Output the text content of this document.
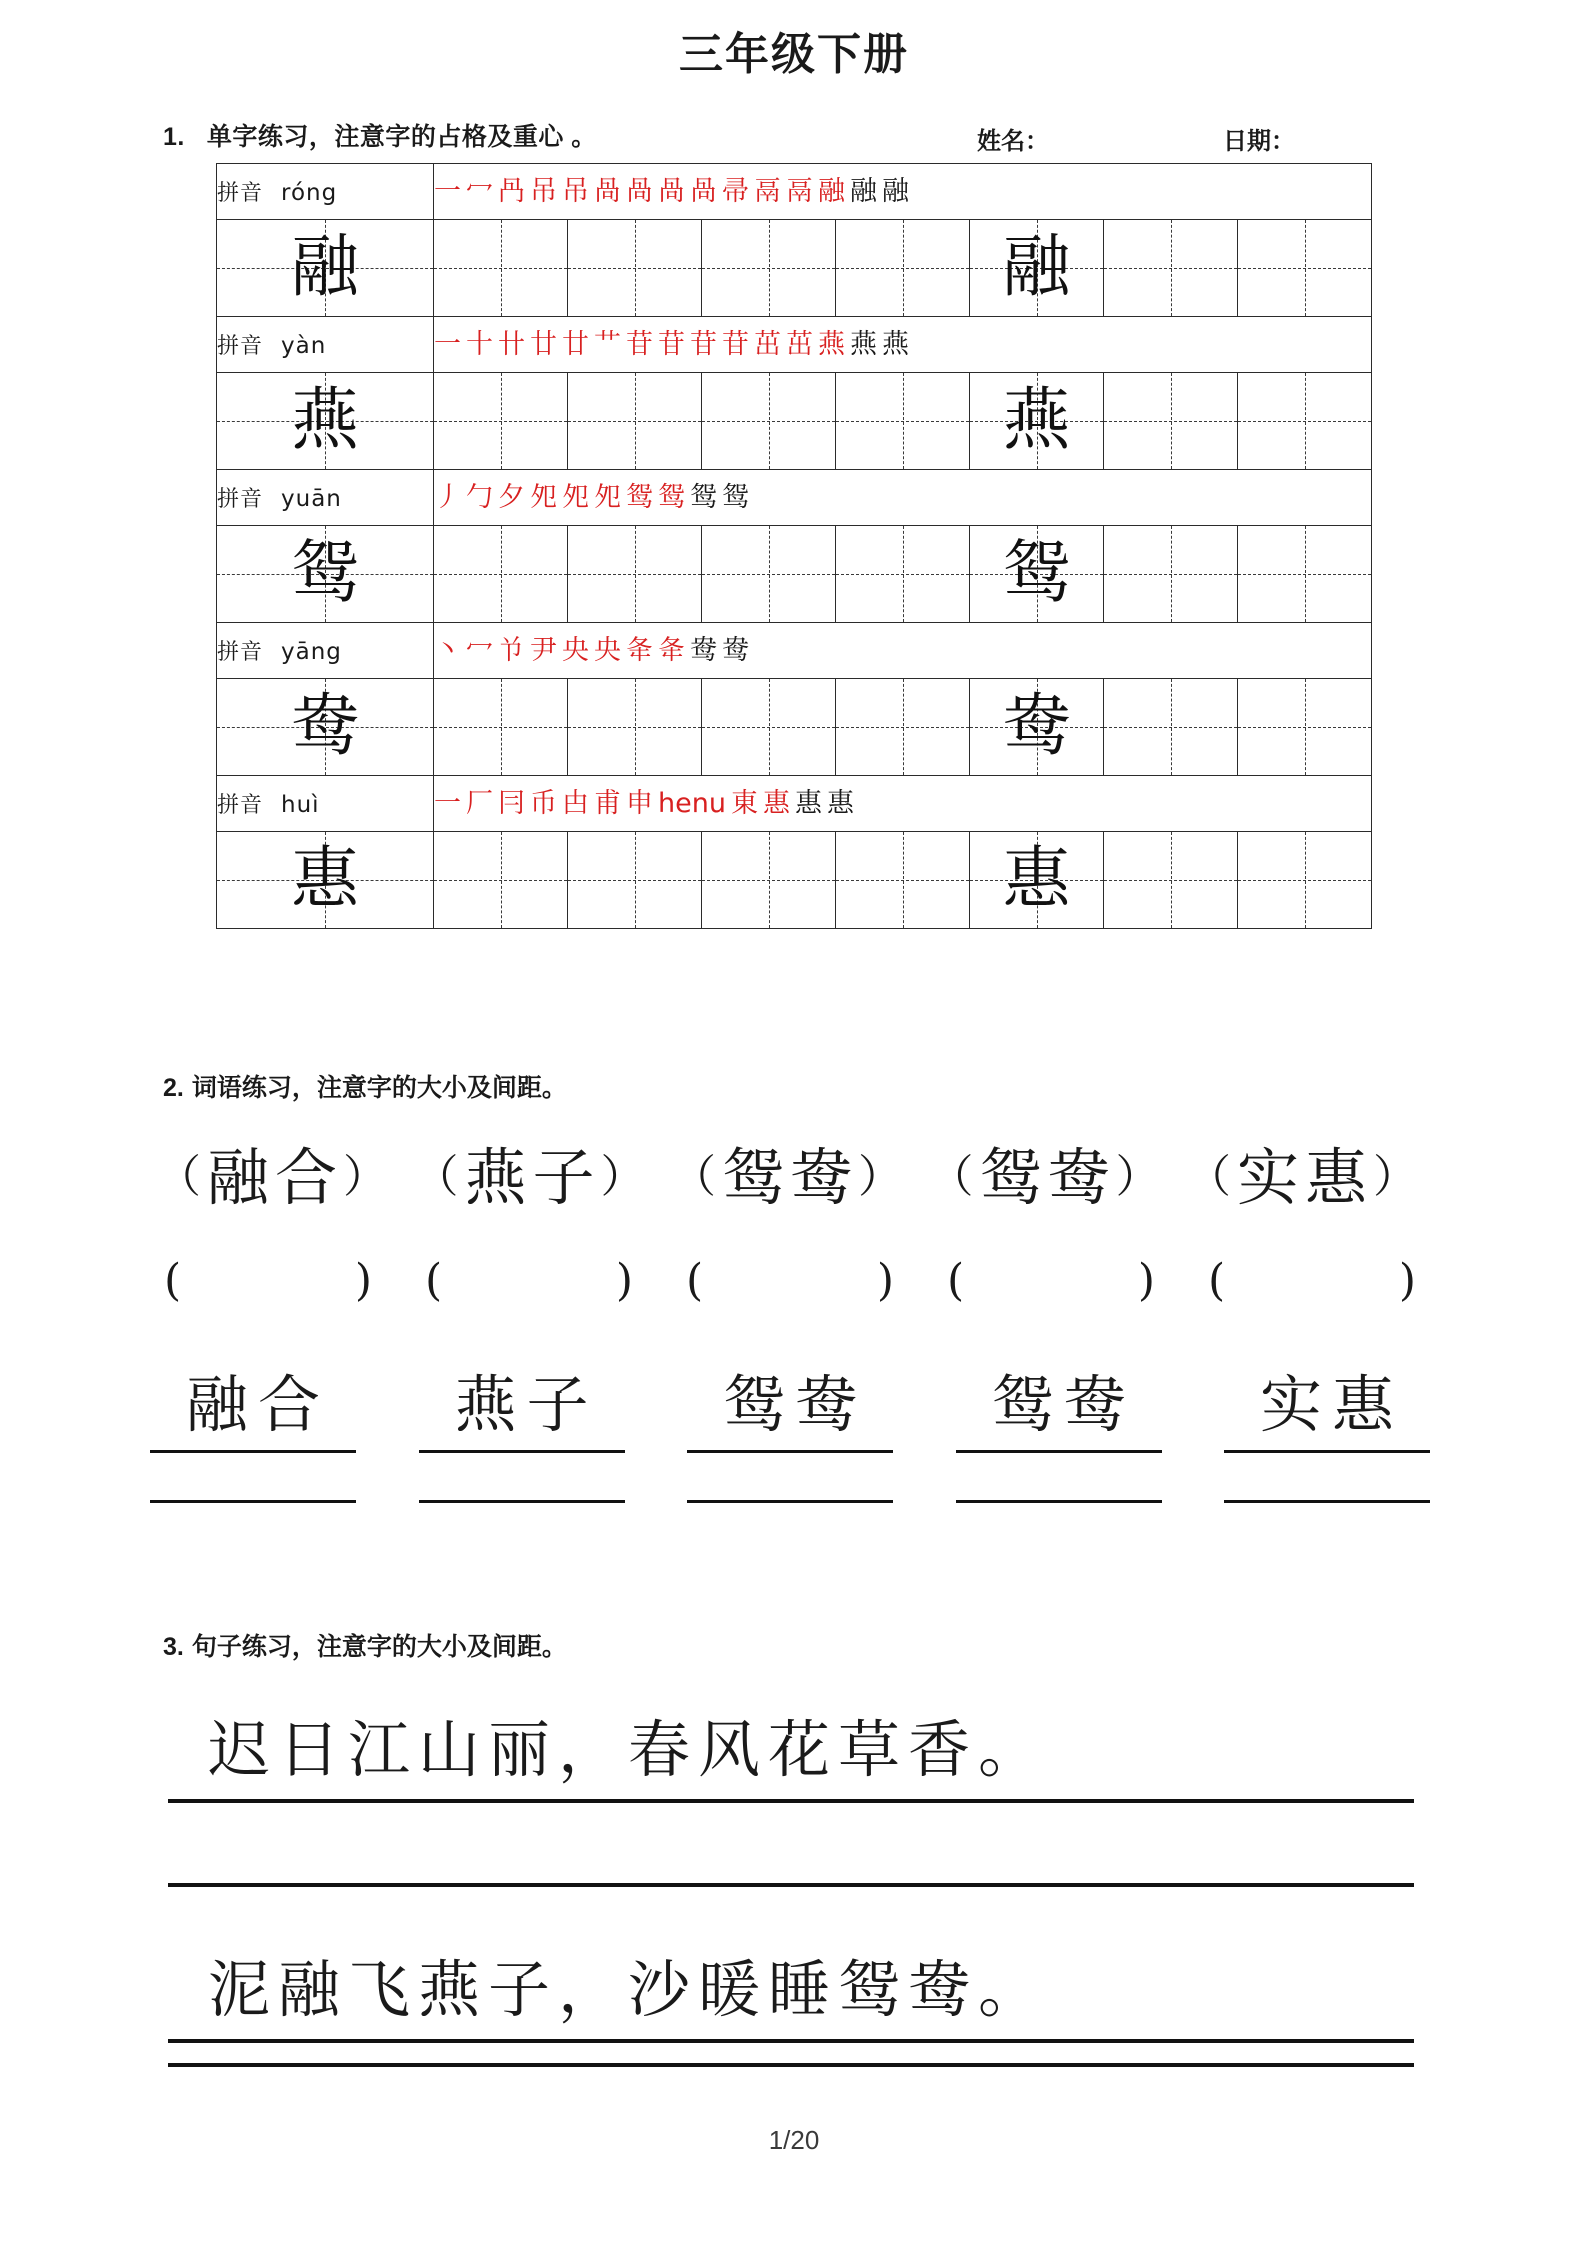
三年级下册
1. 单字练习，注意字的占格及重心 。	姓名：	日期：
拼音 róng	一 冖 冎 吊 吊 咼 咼 咼 咼 帚 鬲 鬲 融 融 融

融					融		

拼音 yàn	一 十 卄 廿 廿 艹 苷 苷 苷 苷 茁 茁 燕 燕 燕

燕					燕		

拼音 yuān	丿 勹 夕 夗 夗 夗 鸳 鸳 鸳 鸳

鸳					鸳		

拼音 yāng	丶 冖 兯 尹 央 央 夅 夅 鸯 鸯

鸯					鸯		

拼音 huì	一 厂 冃 币 甴 甫 申 henu 東 惠 惠 惠

惠					惠		

2. 词语练习，注意字的大小及间距。
（ 融合 ） （ 燕子 ） （ 鸳鸯 ） （ 鸳鸯 ） （ 实惠 ）
(	) (	) (	) (	) (	)
融合	燕子	鸳鸯	鸳鸯	实惠
3. 句子练习，注意字的大小及间距。
迟日江山丽，春风花草香。
泥融飞燕子，沙暖睡鸳鸯。
1/20
